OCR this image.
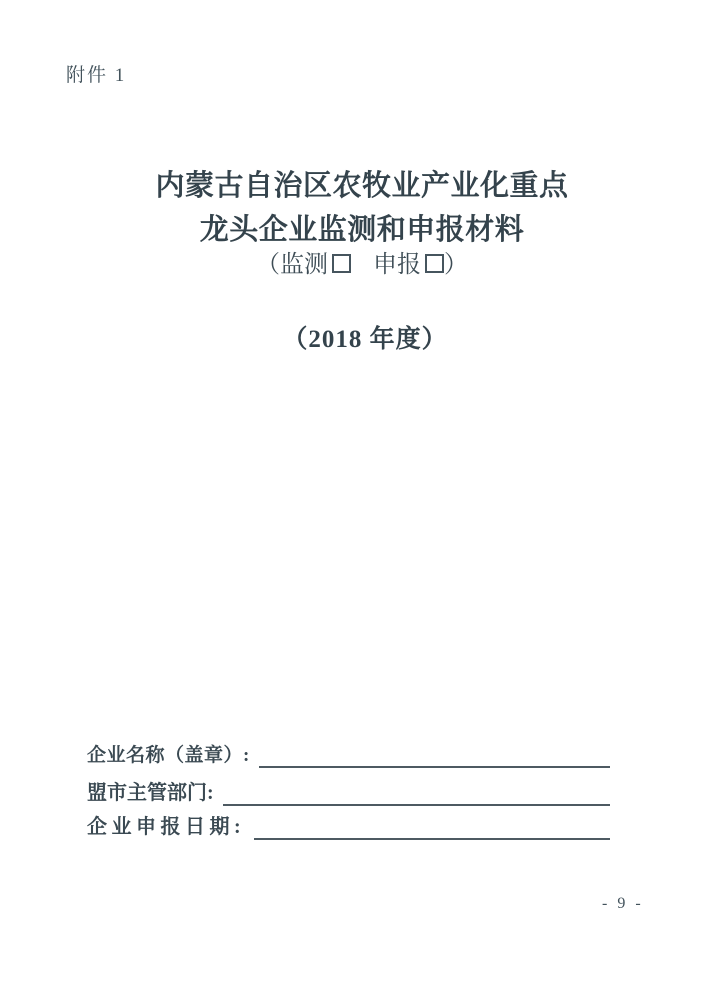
附件 1
内蒙古自治区农牧业产业化重点
龙头企业监测和申报材料
（监测 申报 ）
（2018 年度）
企业名称（盖章）:
盟市主管部门:
企业申报日期:
- 9 -
